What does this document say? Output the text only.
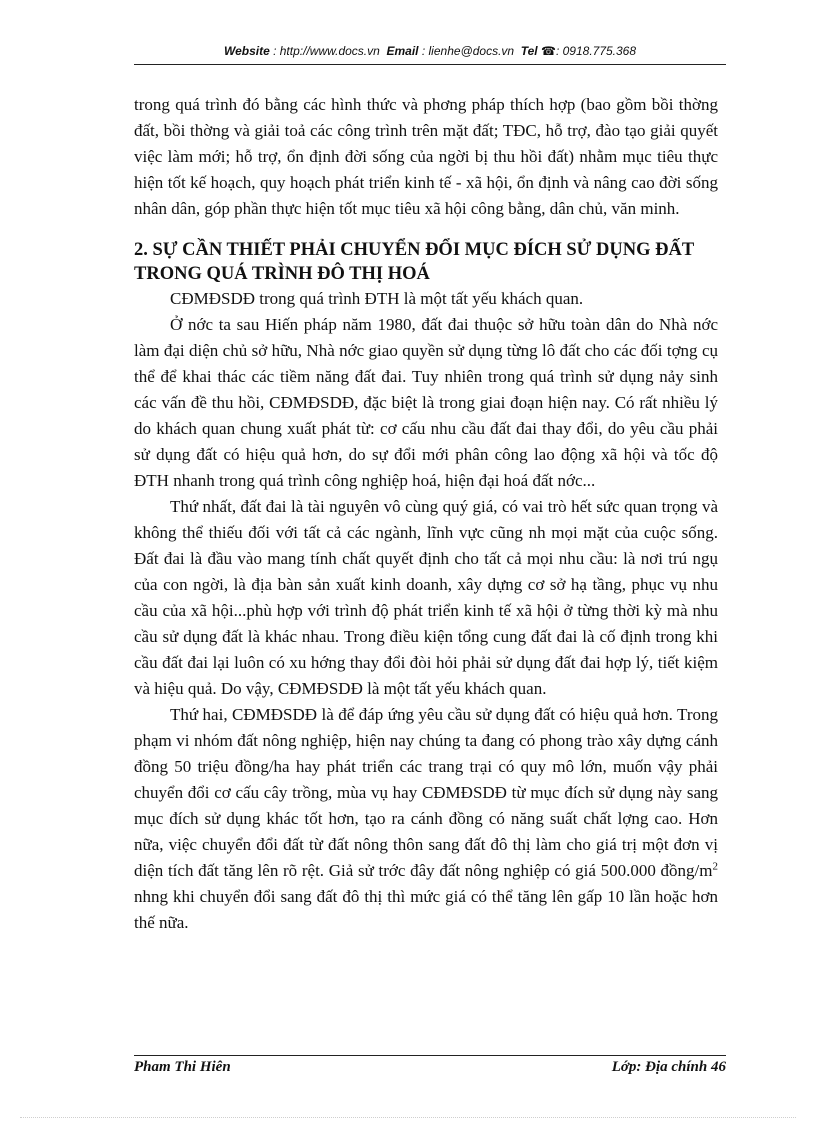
Website : http://www.docs.vn Email : lienhe@docs.vn Tel ☎: 0918.775.368

trong quá trình đó bằng các hình thức và phơng pháp thích hợp (bao gồm bồi thờng đất, bồi thờng và giải toả các công trình trên mặt đất; TĐC, hỗ trợ, đào tạo giải quyết việc làm mới; hỗ trợ, ổn định đời sống của ngời bị thu hồi đất) nhằm mục tiêu thực hiện tốt kế hoạch, quy hoạch phát triển kinh tế - xã hội, ổn định và nâng cao đời sống nhân dân, góp phần thực hiện tốt mục tiêu xã hội công bằng, dân chủ, văn minh.

2. SỰ CẦN THIẾT PHẢI CHUYỂN ĐỔI MỤC ĐÍCH SỬ DỤNG ĐẤT TRONG QUÁ TRÌNH ĐÔ THỊ HOÁ

CĐMĐSDĐ trong quá trình ĐTH là một tất yếu khách quan.

Ở nớc ta sau Hiến pháp năm 1980, đất đai thuộc sở hữu toàn dân do Nhà nớc làm đại diện chủ sở hữu, Nhà nớc giao quyền sử dụng từng lô đất cho các đối tợng cụ thể để khai thác các tiềm năng đất đai. Tuy nhiên trong quá trình sử dụng nảy sinh các vấn đề thu hồi, CĐMĐSDĐ, đặc biệt là trong giai đoạn hiện nay. Có rất nhiều lý do khách quan chung xuất phát từ: cơ cấu nhu cầu đất đai thay đổi, do yêu cầu phải sử dụng đất có hiệu quả hơn, do sự đổi mới phân công lao động xã hội và tốc độ ĐTH nhanh trong quá trình công nghiệp hoá, hiện đại hoá đất nớc...

Thứ nhất, đất đai là tài nguyên vô cùng quý giá, có vai trò hết sức quan trọng và không thể thiếu đối với tất cả các ngành, lĩnh vực cũng nh mọi mặt của cuộc sống. Đất đai là đầu vào mang tính chất quyết định cho tất cả mọi nhu cầu: là nơi trú ngụ của con ngời, là địa bàn sản xuất kinh doanh, xây dựng cơ sở hạ tầng, phục vụ nhu cầu của xã hội...phù hợp với trình độ phát triển kinh tế xã hội ở từng thời kỳ mà nhu cầu sử dụng đất là khác nhau. Trong điều kiện tổng cung đất đai là cố định trong khi cầu đất đai lại luôn có xu hớng thay đổi đòi hỏi phải sử dụng đất đai hợp lý, tiết kiệm và hiệu quả. Do vậy, CĐMĐSDĐ là một tất yếu khách quan.

Thứ hai, CĐMĐSDĐ là để đáp ứng yêu cầu sử dụng đất có hiệu quả hơn. Trong phạm vi nhóm đất nông nghiệp, hiện nay chúng ta đang có phong trào xây dựng cánh đồng 50 triệu đồng/ha hay phát triển các trang trại có quy mô lớn, muốn vậy phải chuyển đổi cơ cấu cây trồng, mùa vụ hay CĐMĐSDĐ từ mục đích sử dụng này sang mục đích sử dụng khác tốt hơn, tạo ra cánh đồng có năng suất chất lợng cao. Hơn nữa, việc chuyển đổi đất từ đất nông thôn sang đất đô thị làm cho giá trị một đơn vị diện tích đất tăng lên rõ rệt. Giả sử trớc đây đất nông nghiệp có giá 500.000 đồng/$m^2$ nhng khi chuyển đổi sang đất đô thị thì mức giá có thể tăng lên gấp 10 lần hoặc hơn thế nữa.

Pham Thi Hiên	Lớp: Địa chính 46
